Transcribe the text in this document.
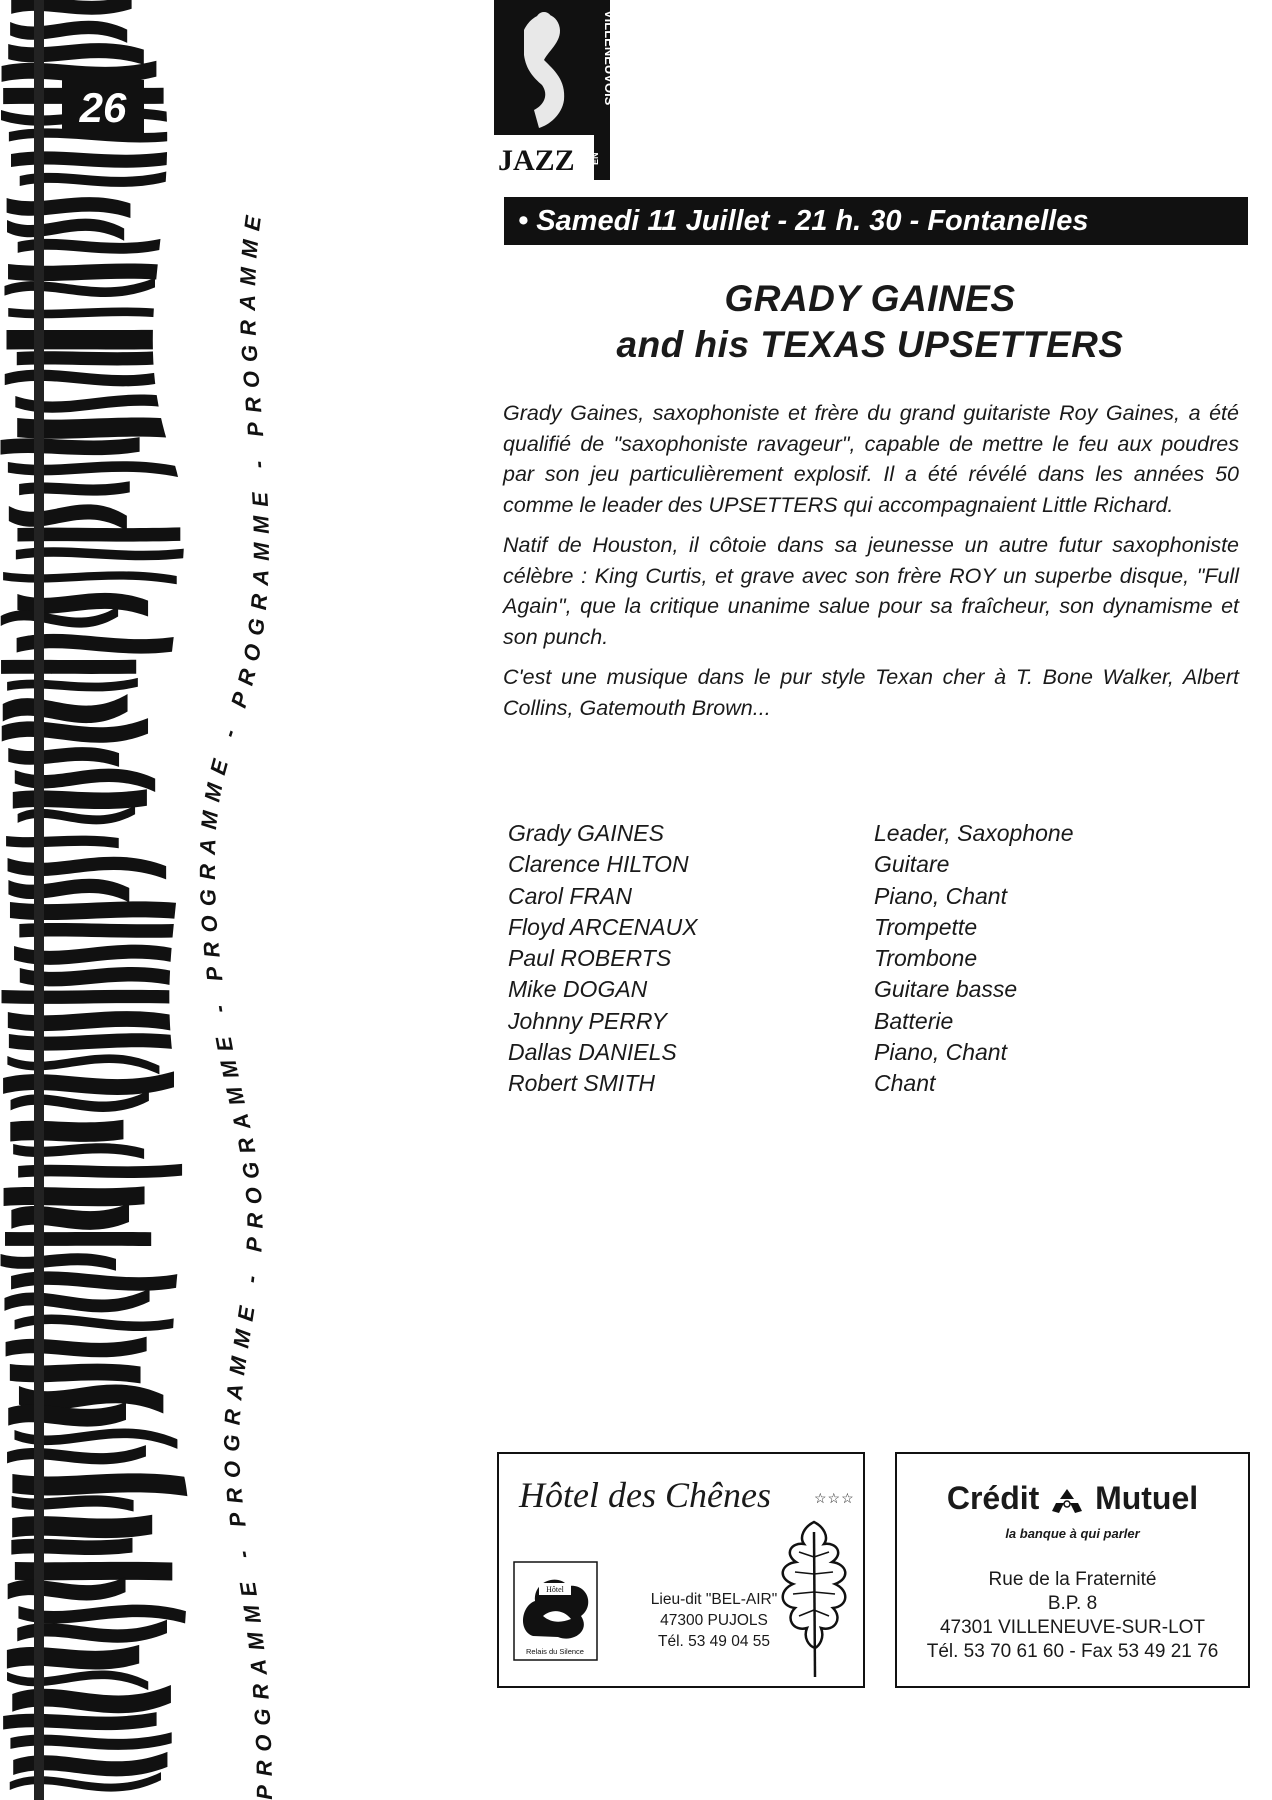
PROGRAMME - PROGRAMME - PROGRAMME - PROGRAMME - PROGRAMME - PROGRAMME
26
VILLENEUVOIS
JAZZ EN
• Samedi 11 Juillet - 21 h. 30 - Fontanelles
GRADY GAINES
and his TEXAS UPSETTERS

Grady Gaines, saxophoniste et frère du grand guitariste Roy Gaines, a été qualifié de "saxophoniste ravageur", capable de mettre le feu aux poudres par son jeu particulièrement explosif. Il a été révélé dans les années 50 comme le leader des UPSETTERS qui accompagnaient Little Richard.

Natif de Houston, il côtoie dans sa jeunesse un autre futur saxophoniste célèbre : King Curtis, et grave avec son frère ROY un superbe disque, "Full Again", que la critique unanime salue pour sa fraîcheur, son dynamisme et son punch.

C'est une musique dans le pur style Texan cher à T. Bone Walker, Albert Collins, Gatemouth Brown...

Grady GAINES	Leader, Saxophone
Clarence HILTON	Guitare
Carol FRAN	Piano, Chant
Floyd ARCENAUX	Trompette
Paul ROBERTS	Trombone
Mike DOGAN	Guitare basse
Johnny PERRY	Batterie
Dallas DANIELS	Piano, Chant
Robert SMITH	Chant
Hôtel des Chênes	☆☆☆
Hôtel
Relais du Silence
Lieu-dit "BEL-AIR"
47300 PUJOLS
Tél. 53 49 04 55
Crédit Mutuel
la banque à qui parler
Rue de la Fraternité
B.P. 8
47301 VILLENEUVE-SUR-LOT
Tél. 53 70 61 60 - Fax 53 49 21 76
